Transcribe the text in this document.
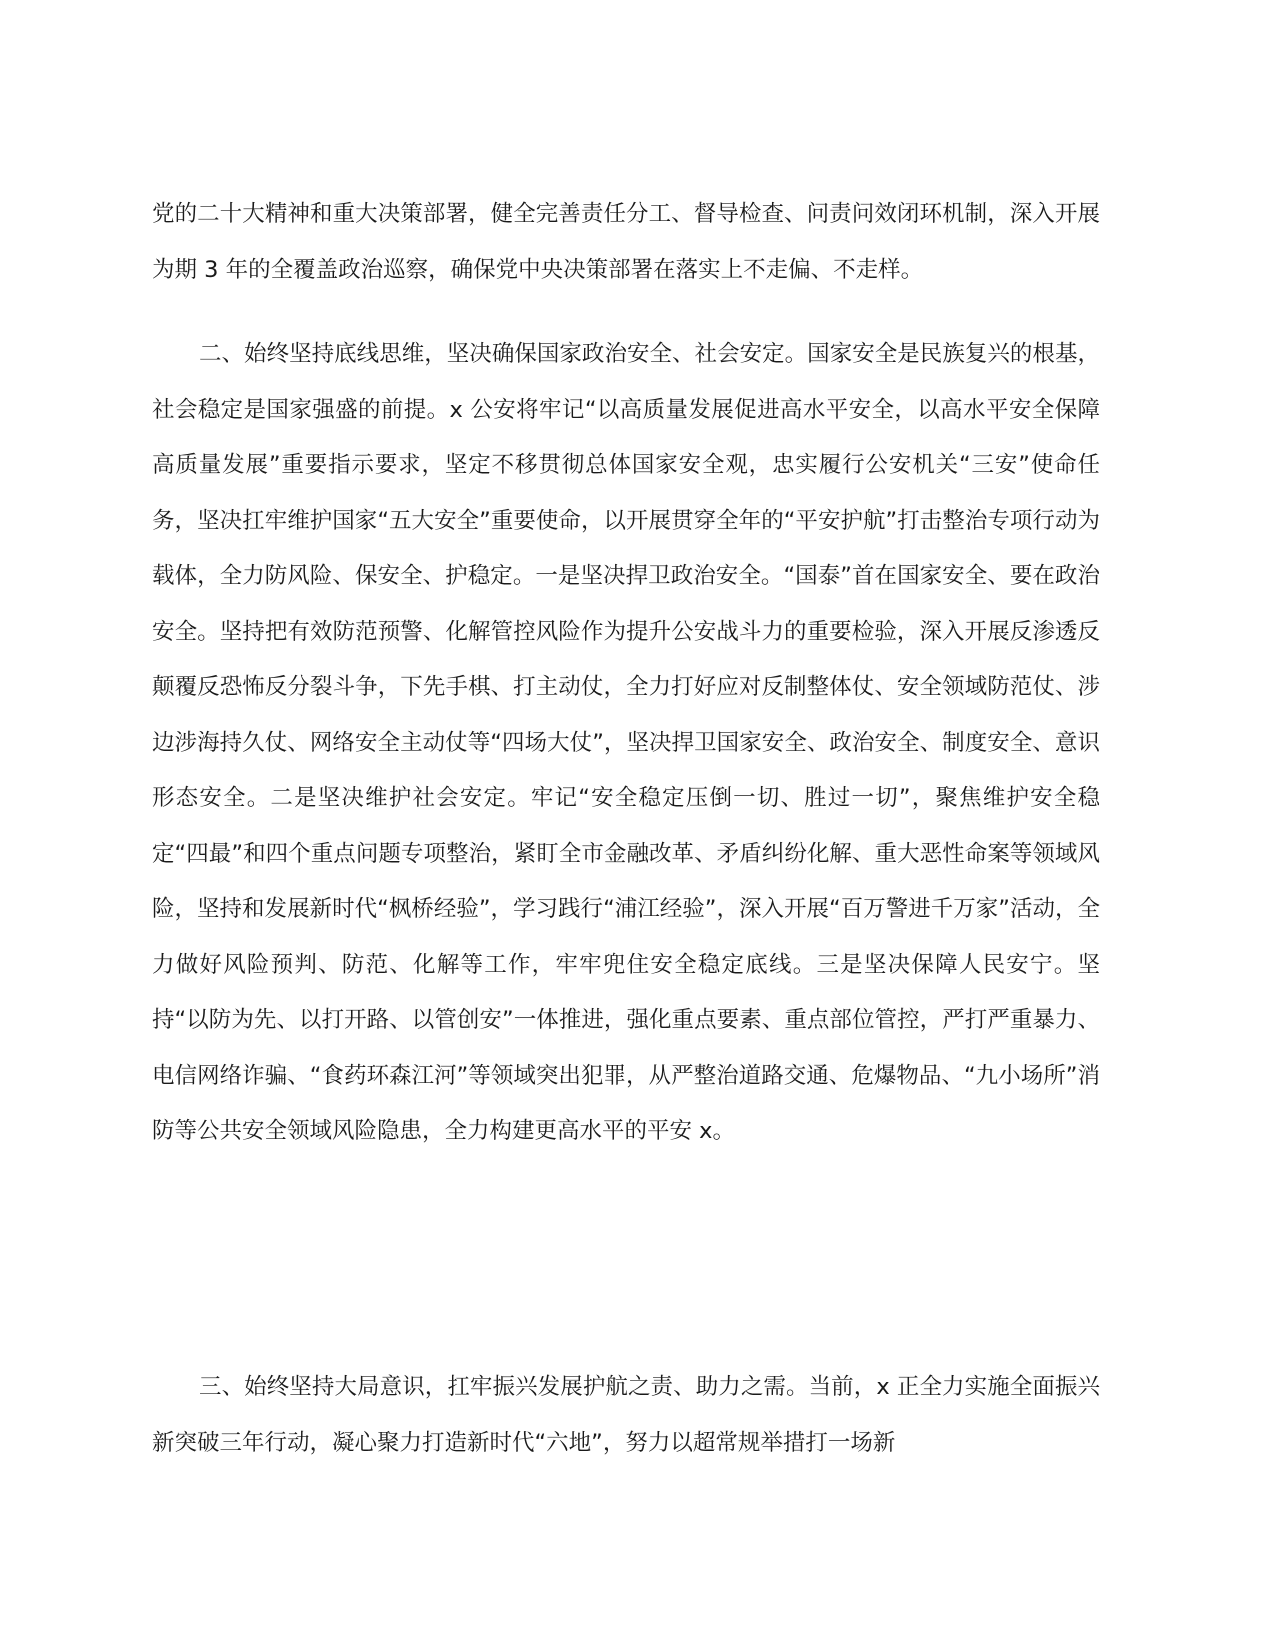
党的二十大精神和重大决策部署，健全完善责任分工、督导检查、问责问效闭环机制，深入开展为期 3 年的全覆盖政治巡察，确保党中央决策部署在落实上不走偏、不走样。

二、始终坚持底线思维，坚决确保国家政治安全、社会安定。国家安全是民族复兴的根基，社会稳定是国家强盛的前提。x 公安将牢记“以高质量发展促进高水平安全，以高水平安全保障高质量发展”重要指示要求，坚定不移贯彻总体国家安全观，忠实履行公安机关“三安”使命任务，坚决扛牢维护国家“五大安全”重要使命，以开展贯穿全年的“平安护航”打击整治专项行动为载体，全力防风险、保安全、护稳定。一是坚决捍卫政治安全。“国泰”首在国家安全、要在政治安全。坚持把有效防范预警、化解管控风险作为提升公安战斗力的重要检验，深入开展反渗透反颠覆反恐怖反分裂斗争，下先手棋、打主动仗，全力打好应对反制整体仗、安全领域防范仗、涉边涉海持久仗、网络安全主动仗等“四场大仗”，坚决捍卫国家安全、政治安全、制度安全、意识形态安全。二是坚决维护社会安定。牢记“安全稳定压倒一切、胜过一切”，聚焦维护安全稳定“四最”和四个重点问题专项整治，紧盯全市金融改革、矛盾纠纷化解、重大恶性命案等领域风险，坚持和发展新时代“枫桥经验”，学习践行“浦江经验”，深入开展“百万警进千万家”活动，全力做好风险预判、防范、化解等工作，牢牢兜住安全稳定底线。三是坚决保障人民安宁。坚持“以防为先、以打开路、以管创安”一体推进，强化重点要素、重点部位管控，严打严重暴力、电信网络诈骗、“食药环森江河”等领域突出犯罪，从严整治道路交通、危爆物品、“九小场所”消防等公共安全领域风险隐患，全力构建更高水平的平安 x。

三、始终坚持大局意识，扛牢振兴发展护航之责、助力之需。当前，x 正全力实施全面振兴新突破三年行动，凝心聚力打造新时代“六地”，努力以超常规举措打一场新
